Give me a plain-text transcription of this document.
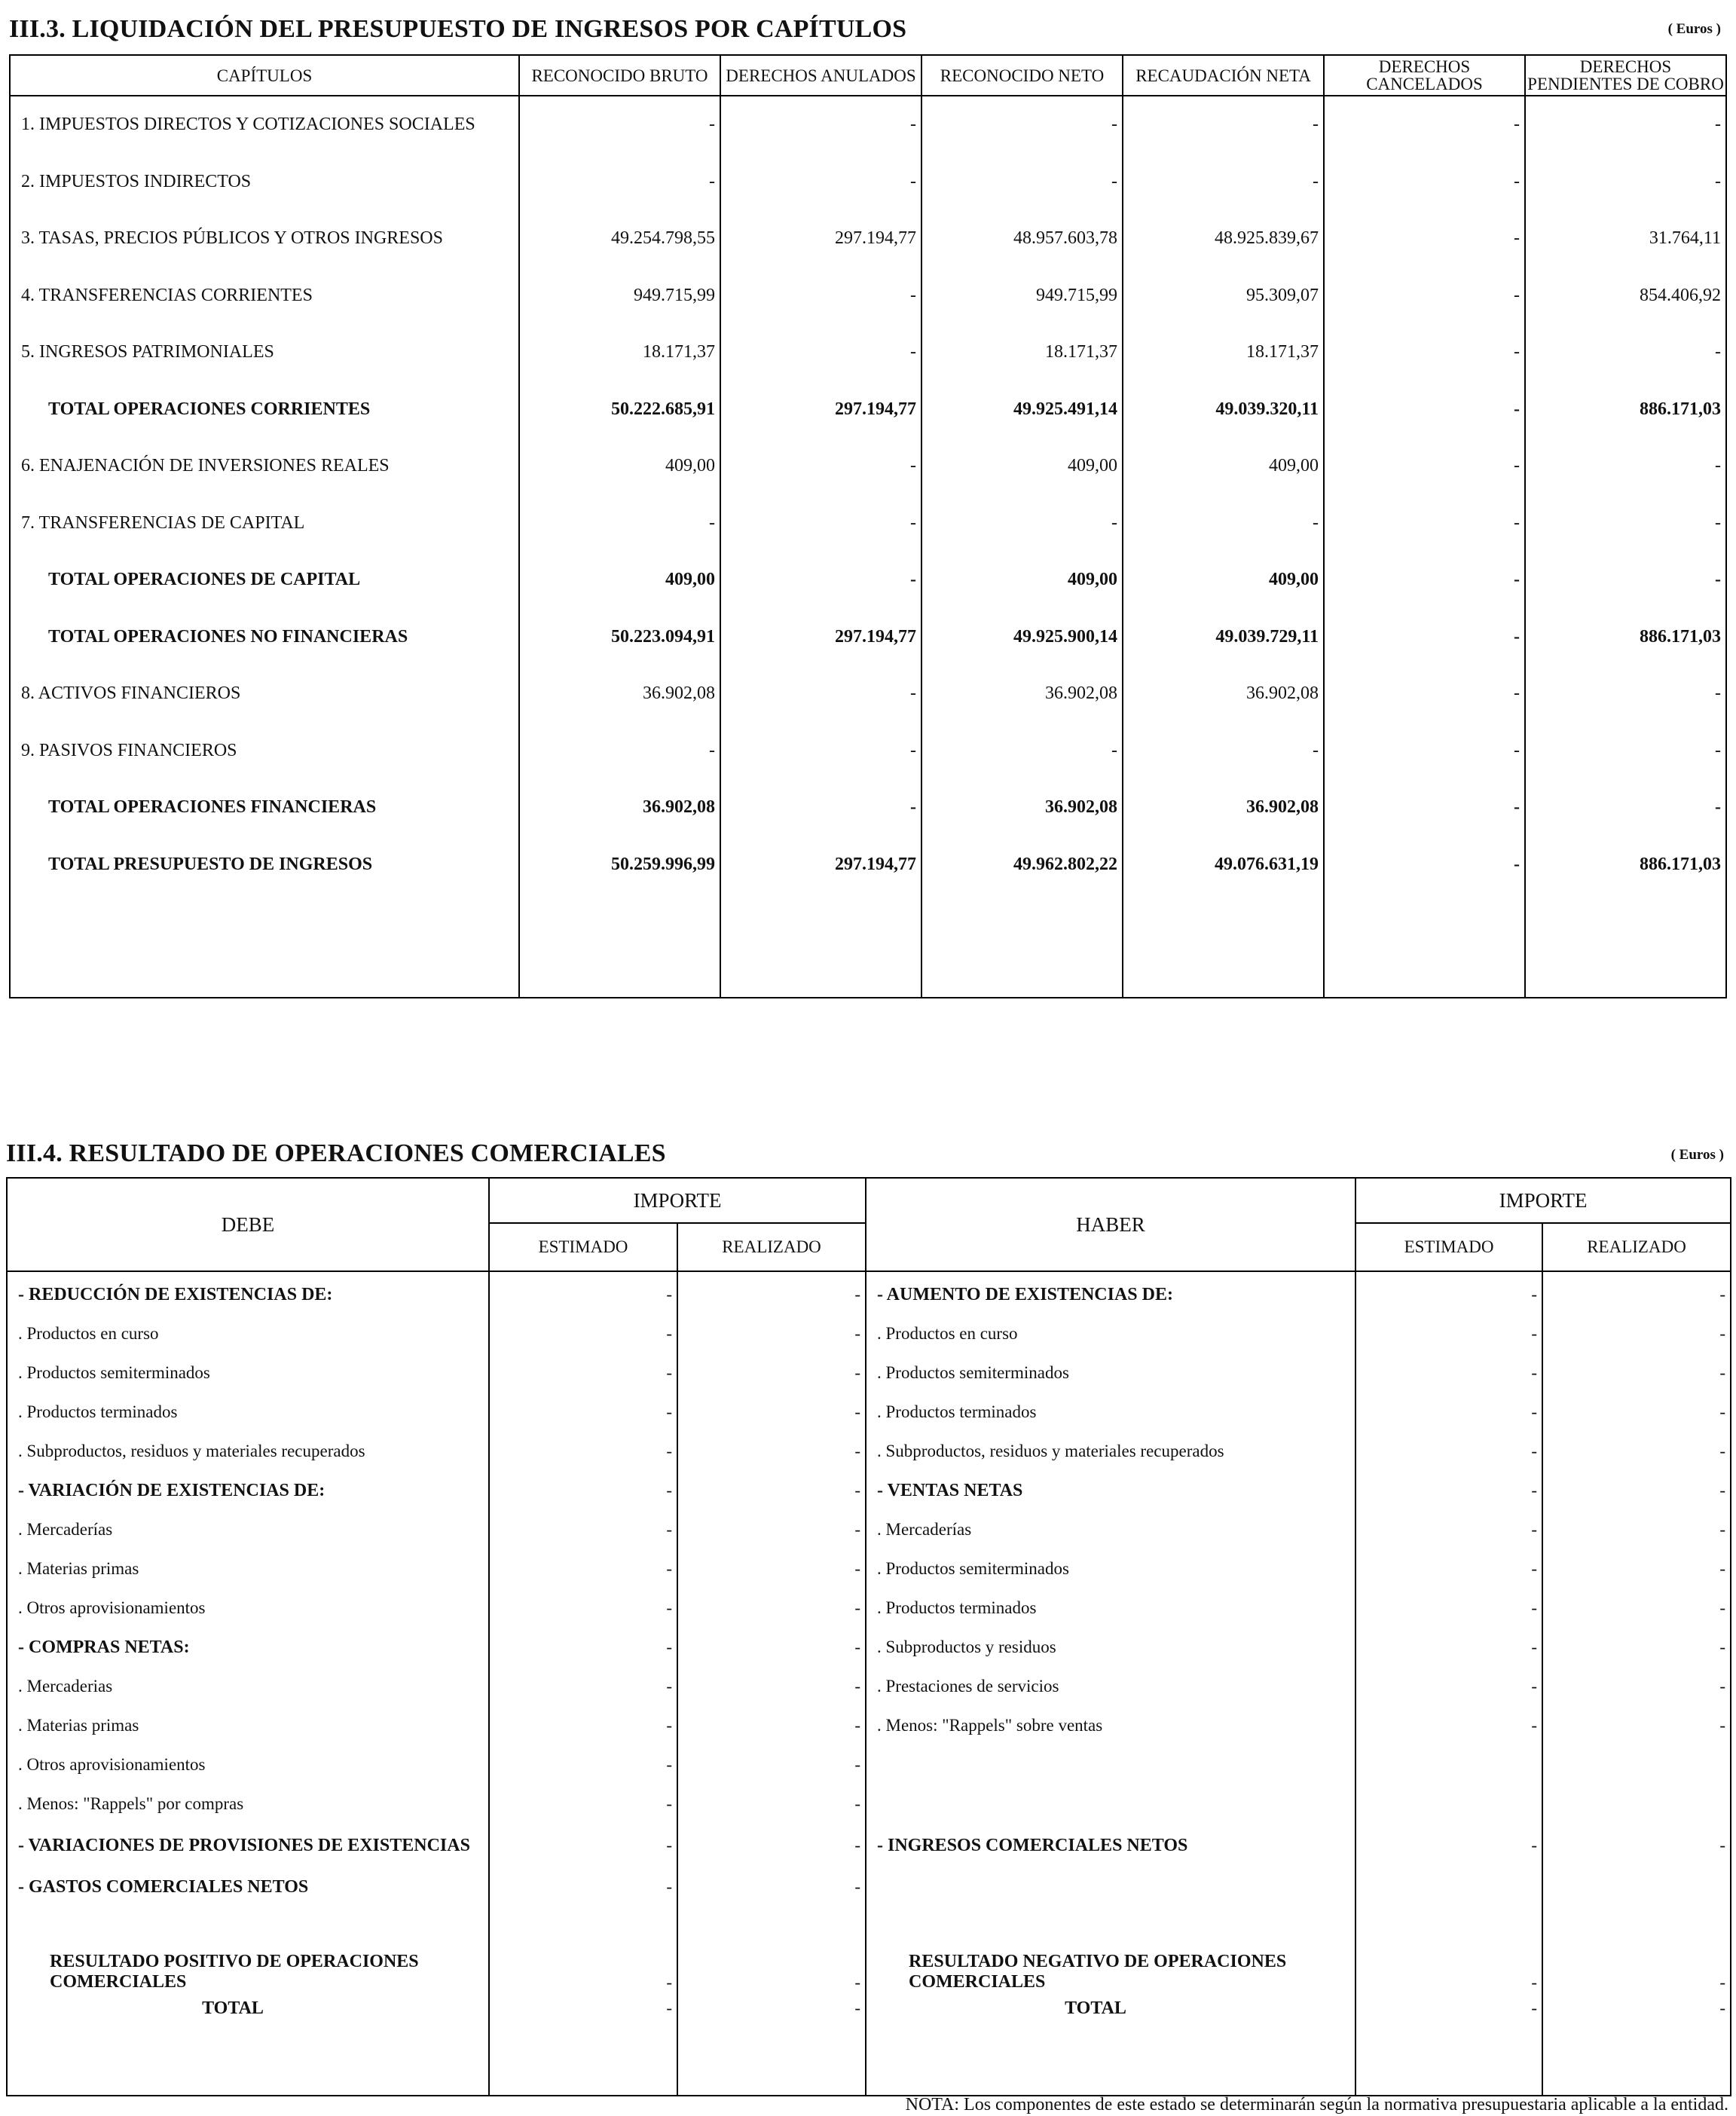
III.3. LIQUIDACIÓN DEL PRESUPUESTO DE INGRESOS POR CAPÍTULOS	( Euros )
CAPÍTULOS	RECONOCIDO BRUTO	DERECHOS ANULADOS	RECONOCIDO NETO	RECAUDACIÓN NETA	DERECHOS CANCELADOS	DERECHOS PENDIENTES DE COBRO
1. IMPUESTOS DIRECTOS Y COTIZACIONES SOCIALES	-	-	-	-	-	-
2. IMPUESTOS INDIRECTOS	-	-	-	-	-	-
3. TASAS, PRECIOS PÚBLICOS Y OTROS INGRESOS	49.254.798,55	297.194,77	48.957.603,78	48.925.839,67	-	31.764,11
4. TRANSFERENCIAS CORRIENTES	949.715,99	-	949.715,99	95.309,07	-	854.406,92
5. INGRESOS PATRIMONIALES	18.171,37	-	18.171,37	18.171,37	-	-
TOTAL OPERACIONES CORRIENTES	50.222.685,91	297.194,77	49.925.491,14	49.039.320,11	-	886.171,03
6. ENAJENACIÓN DE INVERSIONES REALES	409,00	-	409,00	409,00	-	-
7. TRANSFERENCIAS DE CAPITAL	-	-	-	-	-	-
TOTAL OPERACIONES DE CAPITAL	409,00	-	409,00	409,00	-	-
TOTAL OPERACIONES NO FINANCIERAS	50.223.094,91	297.194,77	49.925.900,14	49.039.729,11	-	886.171,03
8. ACTIVOS FINANCIEROS	36.902,08	-	36.902,08	36.902,08	-	-
9. PASIVOS FINANCIEROS	-	-	-	-	-	-
TOTAL OPERACIONES FINANCIERAS	36.902,08	-	36.902,08	36.902,08	-	-
TOTAL PRESUPUESTO DE INGRESOS	50.259.996,99	297.194,77	49.962.802,22	49.076.631,19	-	886.171,03

III.4. RESULTADO DE OPERACIONES COMERCIALES	( Euros )
DEBE	IMPORTE		HABER	IMPORTE	
	ESTIMADO	REALIZADO		ESTIMADO	REALIZADO
- REDUCCIÓN DE EXISTENCIAS DE:	-	-	- AUMENTO DE EXISTENCIAS DE:	-	-
. Productos en curso	-	-	. Productos en curso	-	-
. Productos semiterminados	-	-	. Productos semiterminados	-	-
. Productos terminados	-	-	. Productos terminados	-	-
. Subproductos, residuos y materiales recuperados	-	-	. Subproductos, residuos y materiales recuperados	-	-
- VARIACIÓN DE EXISTENCIAS DE:	-	-	- VENTAS NETAS	-	-
. Mercaderías	-	-	. Mercaderías	-	-
. Materias primas	-	-	. Productos semiterminados	-	-
. Otros aprovisionamientos	-	-	. Productos terminados	-	-
- COMPRAS NETAS:	-	-	. Subproductos y residuos	-	-
. Mercaderias	-	-	. Prestaciones de servicios	-	-
. Materias primas	-	-	. Menos: "Rappels" sobre ventas	-	-
. Otros aprovisionamientos	-	-			
. Menos: "Rappels" por compras	-	-			
- VARIACIONES DE PROVISIONES DE EXISTENCIAS	-	-	- INGRESOS COMERCIALES NETOS	-	-
- GASTOS COMERCIALES NETOS	-	-			

RESULTADO POSITIVO DE OPERACIONES COMERCIALES	-	-	RESULTADO NEGATIVO DE OPERACIONES COMERCIALES	-	-
TOTAL	-	-	TOTAL	-	-

NOTA: Los componentes de este estado se determinarán según la normativa presupuestaria aplicable a la entidad.
